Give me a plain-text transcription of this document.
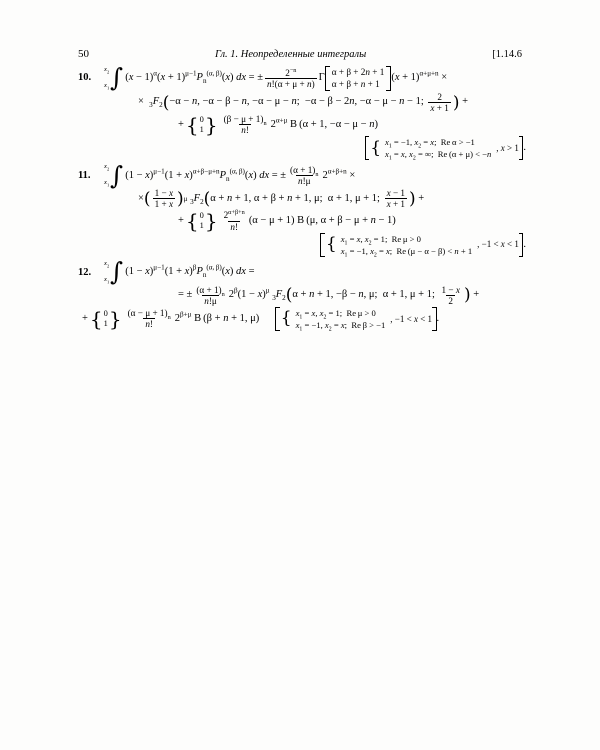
50	Гл. 1. Неопределенные интегралы	[1.14.6
10.
$x_2$
$x_1$ ∫ $(x - 1)^\alpha(x + 1)^{\mu-1}P_n^{(\alpha, \beta)}(x)$ dx = ± $\frac{2^{-n}}{n!(\alpha + \mu + n)}$ Γ
α + β + 2n + 1
α + β + n + 1
$(x + 1)^{\alpha+\mu+n}$ ×
×  $_3F_2$ ( −α − n, −α − β − n, −α − μ − n;  −α − β − 2n, −α − μ − n − 1; $\frac{2}{x + 1}$ ) +
+ { 0
1 } $\frac{(\beta - \mu + 1)_n}{n!} 2^{\alpha+\mu}$ B (α + 1, −α − μ − n)
{ $x_1 = -1$, $x_2 = x$;  Re α > −1
$x_1 = x$, $x_2$ = ∞;  Re (α + μ) < −n
, x > 1 .
11.
$x_2$
$x_1$ ∫ $(1 - x)^{\mu-1}(1 + x)^{\alpha+\beta-\mu+n}P_n^{(\alpha, \beta)}(x)$ dx = ± $\frac{(\alpha + 1)_n}{n!\mu} 2^{\alpha+\beta+n}$ ×
× ( $\frac{1 - x}{1 + x}$ ) μ $_3F_2$ ( α + n + 1, α + β + n + 1, μ;  α + 1, μ + 1; $\frac{x - 1}{x + 1}$ ) +
+ { 0
1 } $\frac{2^{\alpha+\beta+n}}{n!} (\alpha - \mu + 1)$ B (μ, α + β − μ + n − 1)
{ $x_1 = x$, $x_2 = 1$;  Re μ > 0
$x_1 = -1$, $x_2 = x$;  Re (μ − α − β) < n + 1
, −1 < x < 1 .
12.
$x_2$
$x_1$ ∫ $(1 - x)^{\mu-1}(1 + x)^\beta P_n^{(\alpha, \beta)}(x)$ dx =
= ± $\frac{(\alpha + 1)_n}{n!\mu} 2^\beta(1 - x)^\mu$ $_3F_2$ ( α + n + 1, −β − n, μ;  α + 1, μ + 1; $\frac{1 - x}{2}$ ) +
+ { 0
1 } $\frac{(\alpha - \mu + 1)_n}{n!} 2^{\beta+\mu}$ B (β + n + 1, μ) { $x_1 = x$, $x_2 = 1$;  Re μ > 0
$x_1 = -1$, $x_2 = x$;  Re β > −1
, −1 < x < 1 .
